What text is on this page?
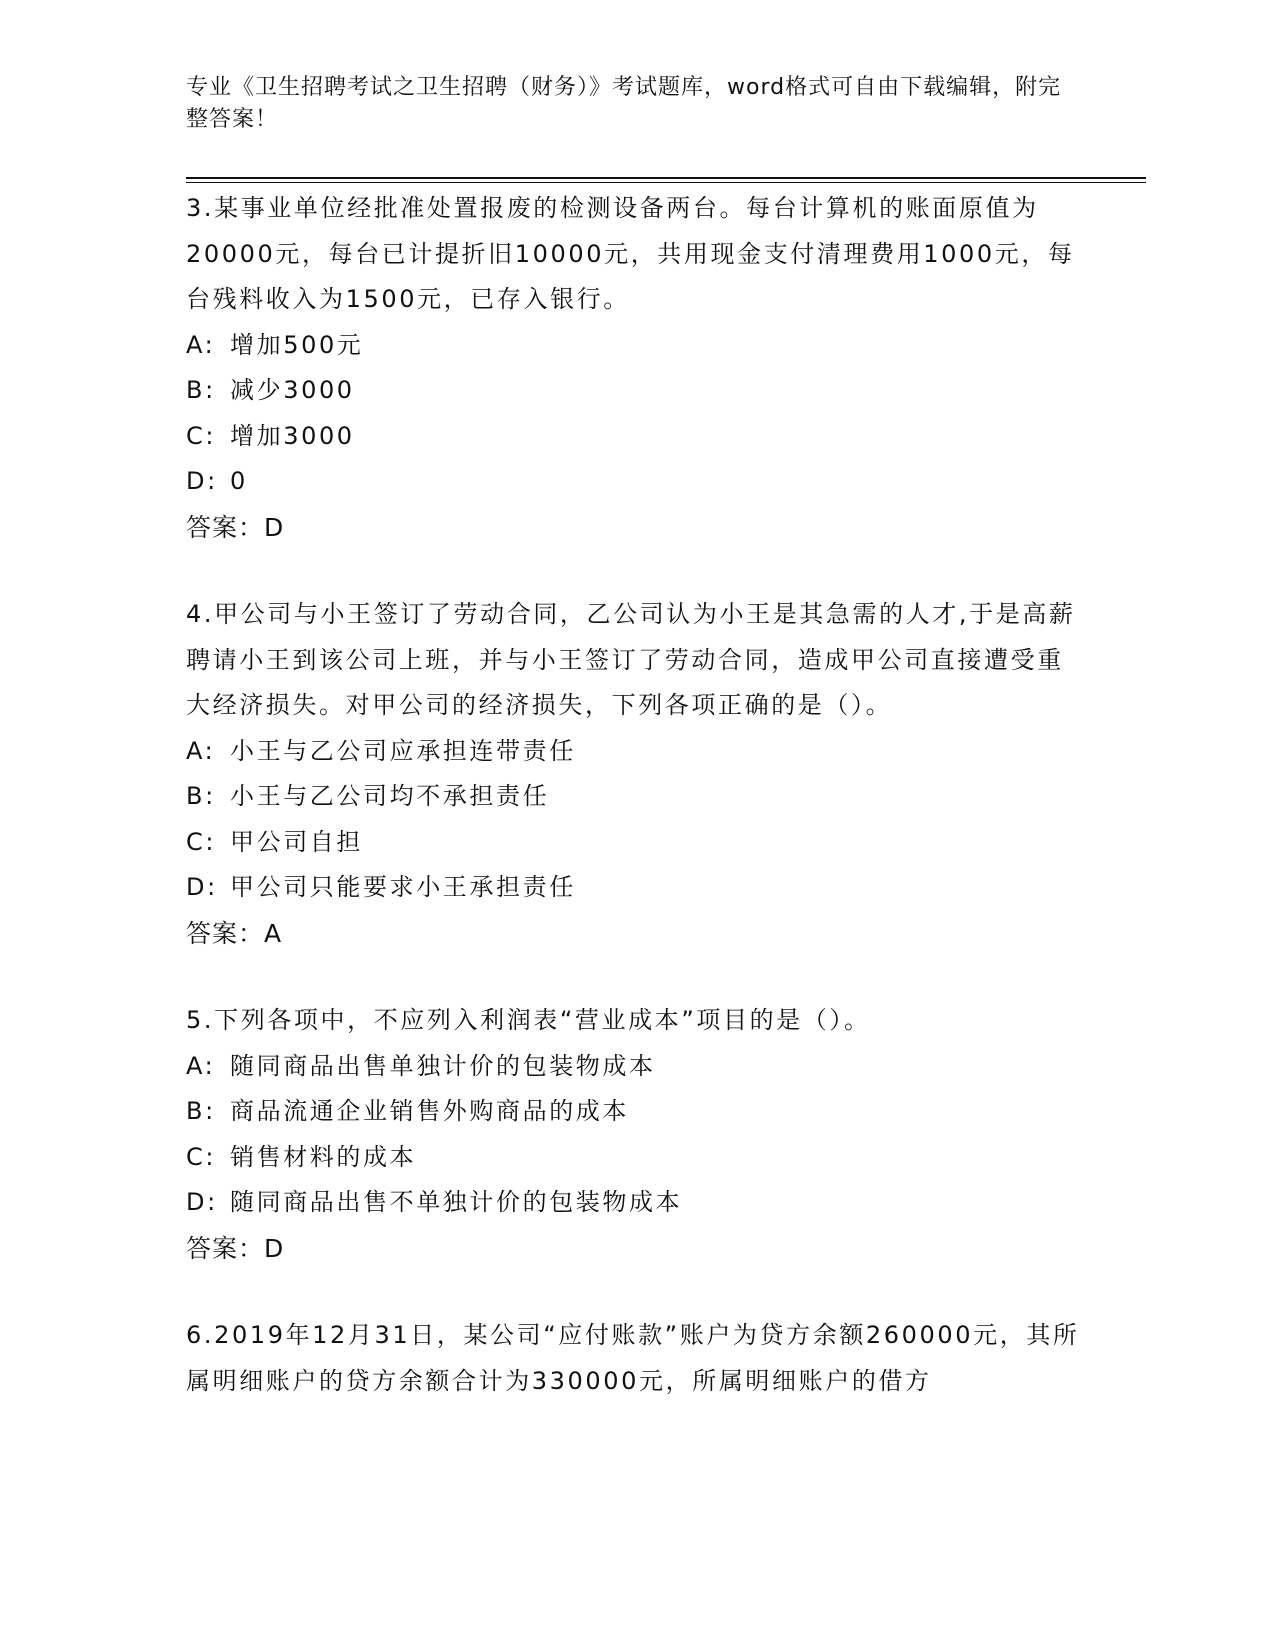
专业《卫生招聘考试之卫生招聘（财务）》考试题库，word格式可自由下载编辑，附完整答案！
3.某事业单位经批准处置报废的检测设备两台。每台计算机的账面原值为20000元，每台已计提折旧10000元，共用现金支付清理费用1000元，每台残料收入为1500元，已存入银行。
A: 增加500元
B: 减少3000
C: 增加3000
D: 0
答案：D
4.甲公司与小王签订了劳动合同，乙公司认为小王是其急需的人才,于是高薪聘请小王到该公司上班，并与小王签订了劳动合同，造成甲公司直接遭受重大经济损失。对甲公司的经济损失，下列各项正确的是（）。
A: 小王与乙公司应承担连带责任
B: 小王与乙公司均不承担责任
C: 甲公司自担
D: 甲公司只能要求小王承担责任
答案：A
5.下列各项中，不应列入利润表“营业成本”项目的是（）。
A: 随同商品出售单独计价的包装物成本
B: 商品流通企业销售外购商品的成本
C: 销售材料的成本
D: 随同商品出售不单独计价的包装物成本
答案：D
6.2019年12月31日，某公司“应付账款”账户为贷方余额260000元，其所属明细账户的贷方余额合计为330000元，所属明细账户的借方
